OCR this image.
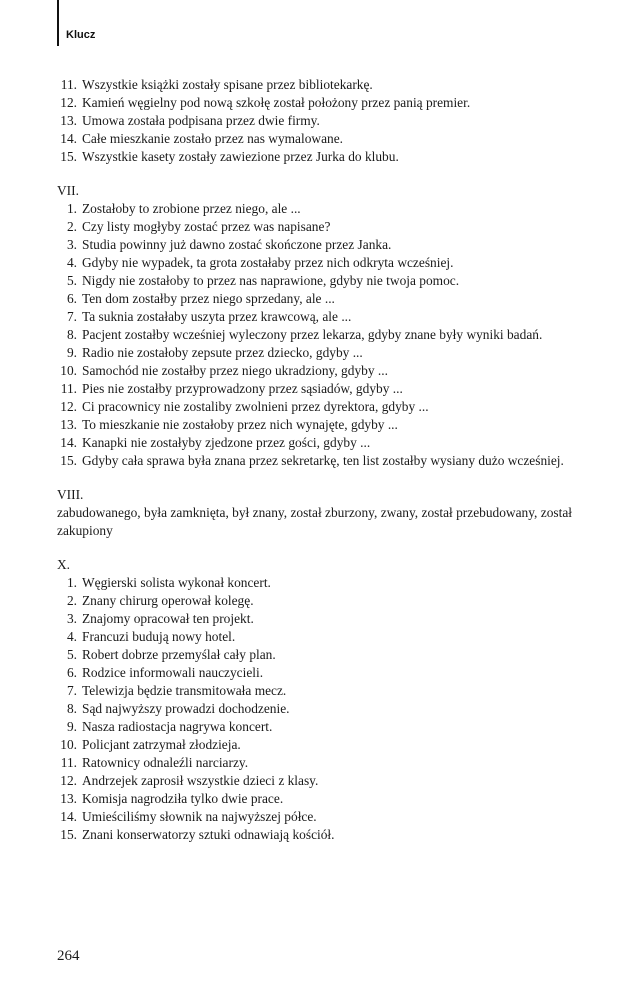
Klucz
11. Wszystkie książki zostały spisane przez bibliotekarkę.
12. Kamień węgielny pod nową szkołę został położony przez panią premier.
13. Umowa została podpisana przez dwie firmy.
14. Całe mieszkanie zostało przez nas wymalowane.
15. Wszystkie kasety zostały zawiezione przez Jurka do klubu.
VII.
1. Zostałoby to zrobione przez niego, ale ...
2. Czy listy mogłyby zostać przez was napisane?
3. Studia powinny już dawno zostać skończone przez Janka.
4. Gdyby nie wypadek, ta grota zostałaby przez nich odkryta wcześniej.
5. Nigdy nie zostałoby to przez nas naprawione, gdyby nie twoja pomoc.
6. Ten dom zostałby przez niego sprzedany, ale ...
7. Ta suknia zostałaby uszyta przez krawcową, ale ...
8. Pacjent zostałby wcześniej wyleczony przez lekarza, gdyby znane były wyniki badań.
9. Radio nie zostałoby zepsute przez dziecko, gdyby ...
10. Samochód nie zostałby przez niego ukradziony, gdyby ...
11. Pies nie zostałby przyprowadzony przez sąsiadów, gdyby ...
12. Ci pracownicy nie zostaliby zwolnieni przez dyrektora, gdyby ...
13. To mieszkanie nie zostałoby przez nich wynajęte, gdyby ...
14. Kanapki nie zostałyby zjedzone przez gości, gdyby ...
15. Gdyby cała sprawa była znana przez sekretarkę, ten list zostałby wysiany dużo wcześniej.
VIII.
zabudowanego, była zamknięta, był znany, został zburzony, zwany, został przebudowany, został zakupiony
X.
1. Węgierski solista wykonał koncert.
2. Znany chirurg operował kolegę.
3. Znajomy opracował ten projekt.
4. Francuzi budują nowy hotel.
5. Robert dobrze przemyślał cały plan.
6. Rodzice informowali nauczycieli.
7. Telewizja będzie transmitowała mecz.
8. Sąd najwyższy prowadzi dochodzenie.
9. Nasza radiostacja nagrywa koncert.
10. Policjant zatrzymał złodzieja.
11. Ratownicy odnaleźli narciarzy.
12. Andrzejek zaprosił wszystkie dzieci z klasy.
13. Komisja nagrodziła tylko dwie prace.
14. Umieściliśmy słownik na najwyższej półce.
15. Znani konserwatorzy sztuki odnawiają kościół.
264
